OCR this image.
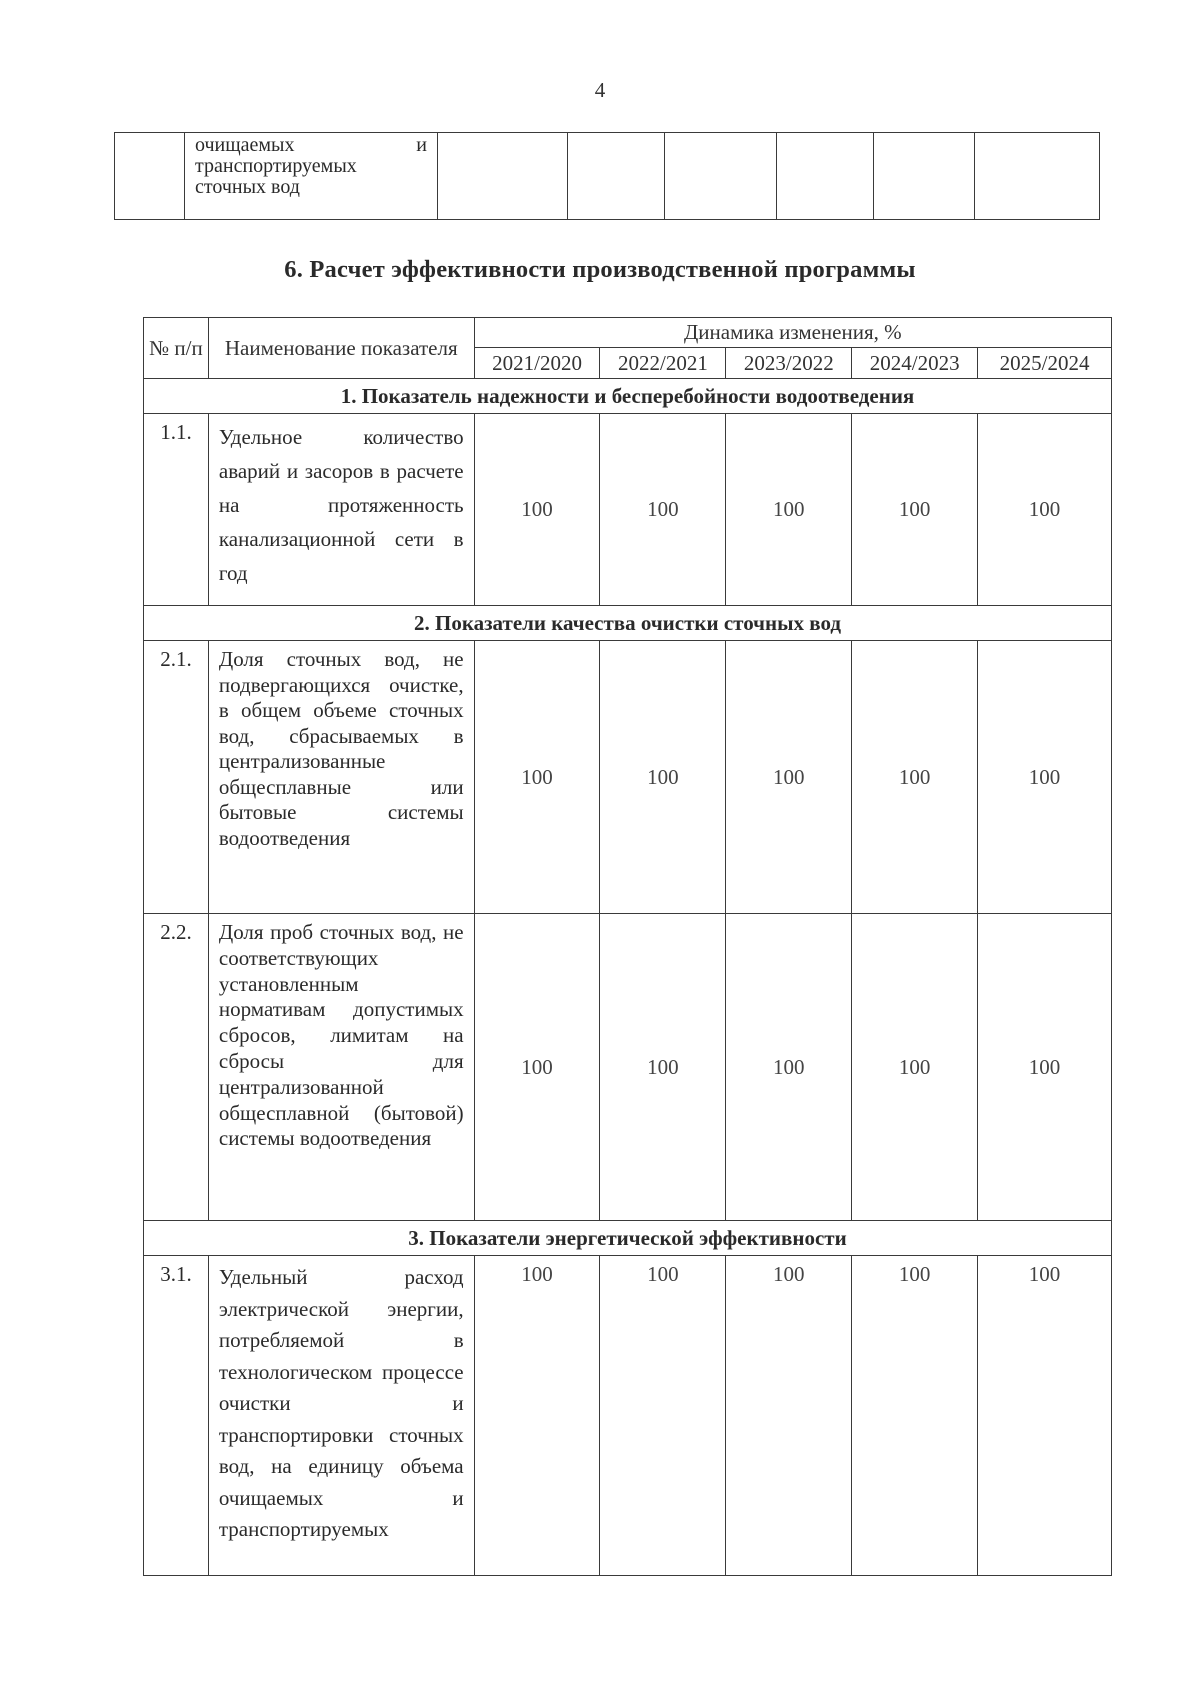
4

очищаемых и транспортируемых сточных вод

6. Расчет эффективности производственной программы
№ п/п	Наименование показателя	Динамика изменения, %				
		2021/2020	2022/2021	2023/2022	2024/2023	2025/2024
1. Показатель надежности и бесперебойности водоотведения						
1.1.	Удельное количество аварий и засоров в расчете на протяженность канализационной сети в год	100	100	100	100	100
2. Показатели качества очистки сточных вод						
2.1.	Доля сточных вод, не подвергающихся очистке, в общем объеме сточных вод, сбрасываемых в централизованные общесплавные или бытовые системы водоотведения	100	100	100	100	100
2.2.	Доля проб сточных вод, не соответствующих установленным нормативам допустимых сбросов, лимитам на сбросы для централизованной общесплавной (бытовой) системы водоотведения	100	100	100	100	100
3. Показатели энергетической эффективности						
3.1.	Удельный расход электрической энергии, потребляемой в технологическом процессе очистки и транспортировки сточных вод, на единицу объема очищаемых и транспортируемых	100	100	100	100	100
